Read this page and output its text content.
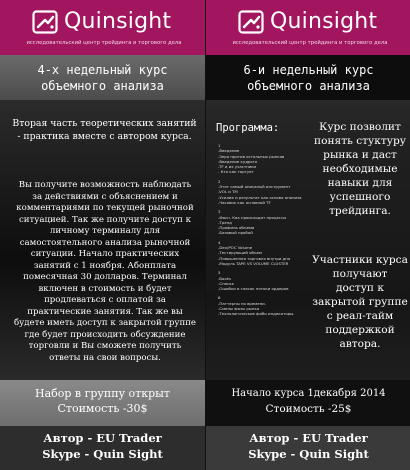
Quinsight
исследовательский центр трейдинга и торгового дела
4-х недельный курс
объемного анализа
Вторая часть теоретических занятий - практика вместе с автором курса.
Вы получите возможность наблюдать за действиями с объяснением и комментариями по текущей рыночной ситуацией. Так же получите доступ к личному терминалу для самостоятельного анализа рыночной ситуации. Начало практических занятий с 1 ноября. Абонплата помесячная 30 долларов. Терминал включен в стоимость и будет продлеваться с оплатой за практические занятия. Так же вы будете иметь доступ к закрытой группе где будет происходить обсуждение торговли и Вы сможете получить ответы на свои вопросы.
Набор в группу открыт
Стоимость -30$
Автор - EU Trader
Skype - Quin Sight
Quinsight
исследовательский центр трейдинга и торгового дела
6-и недельный курс
объемного анализа
Программа:
1
-Введение
-Зеро против остальных рынков
-Введение кудрого
-TF и их участники
- Кто как торгует
2
-Этот самый описаный инструмент
-VOL и ТМ
-Усилие и результат как основа анализа
-Часовик как основной TF
3
-Фасп. Как происходит процессы
-Тренд
-Профиль объема
-Базовый пробой
4
-Dex/POC Volume
-Тестирующий объем
-Повышенная торговля внутри дня
-Модуль TAPE VS VOLUME CLUSTER
5
-Books
-Спасок
-Ошибки в спасок потоки ордеров
6
-Паттерны по времени.
-Смены фазы рынка
-Технологические фибо индикаторы.
Курс позволит понять стуктуру рынка и даст необходимые навыки для успешного трейдинга.
Участники курса получают доступ к закрытой группе с реал-тайм поддержкой автора.
Начало курса 1декабря 2014
Стоимость -25$
Автор - EU Trader
Skype - Quin Sight
